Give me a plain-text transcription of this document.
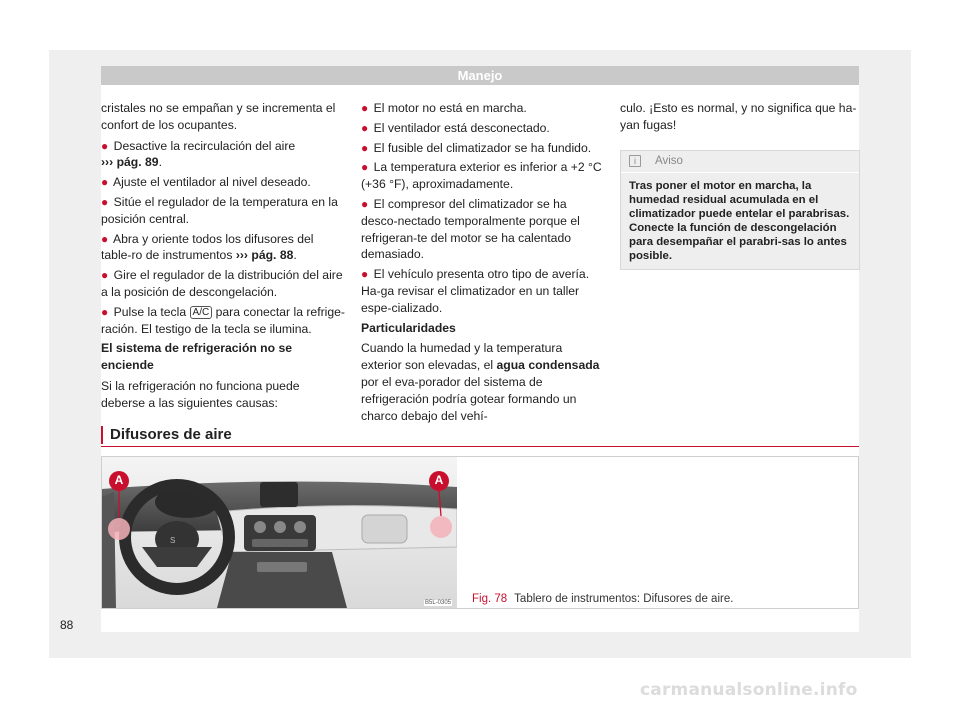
Manejo

cristales no se empañan y se incrementa el confort de los ocupantes.

● Desactive la recirculación del aire
››› pág. 89.
● Ajuste el ventilador al nivel deseado.
● Sitúe el regulador de la temperatura en la posición central.
● Abra y oriente todos los difusores del table-ro de instrumentos ››› pág. 88.
● Gire el regulador de la distribución del aire a la posición de descongelación.
● Pulse la tecla A/C para conectar la refrige-ración. El testigo de la tecla se ilumina.

El sistema de refrigeración no se enciende

Si la refrigeración no funciona puede deberse a las siguientes causas:

● El motor no está en marcha.
● El ventilador está desconectado.
● El fusible del climatizador se ha fundido.
● La temperatura exterior es inferior a +2 °C (+36 °F), aproximadamente.
● El compresor del climatizador se ha desco-nectado temporalmente porque el refrigeran-te del motor se ha calentado demasiado.
● El vehículo presenta otro tipo de avería. Ha-ga revisar el climatizador en un taller espe-cializado.

Particularidades

Cuando la humedad y la temperatura exterior son elevadas, el agua condensada por el eva-porador del sistema de refrigeración podría gotear formando un charco debajo del vehí-

culo. ¡Esto es normal, y no significa que ha-yan fugas!

i	Aviso
Tras poner el motor en marcha, la humedad residual acumulada en el climatizador puede entelar el parabrisas. Conecte la función de descongelación para desempañar el parabri-sas lo antes posible.
Difusores de aire
S
A	A
B5L-0305 Fig. 78 Tablero de instrumentos: Difusores de aire.
88
carmanualsonline.info
